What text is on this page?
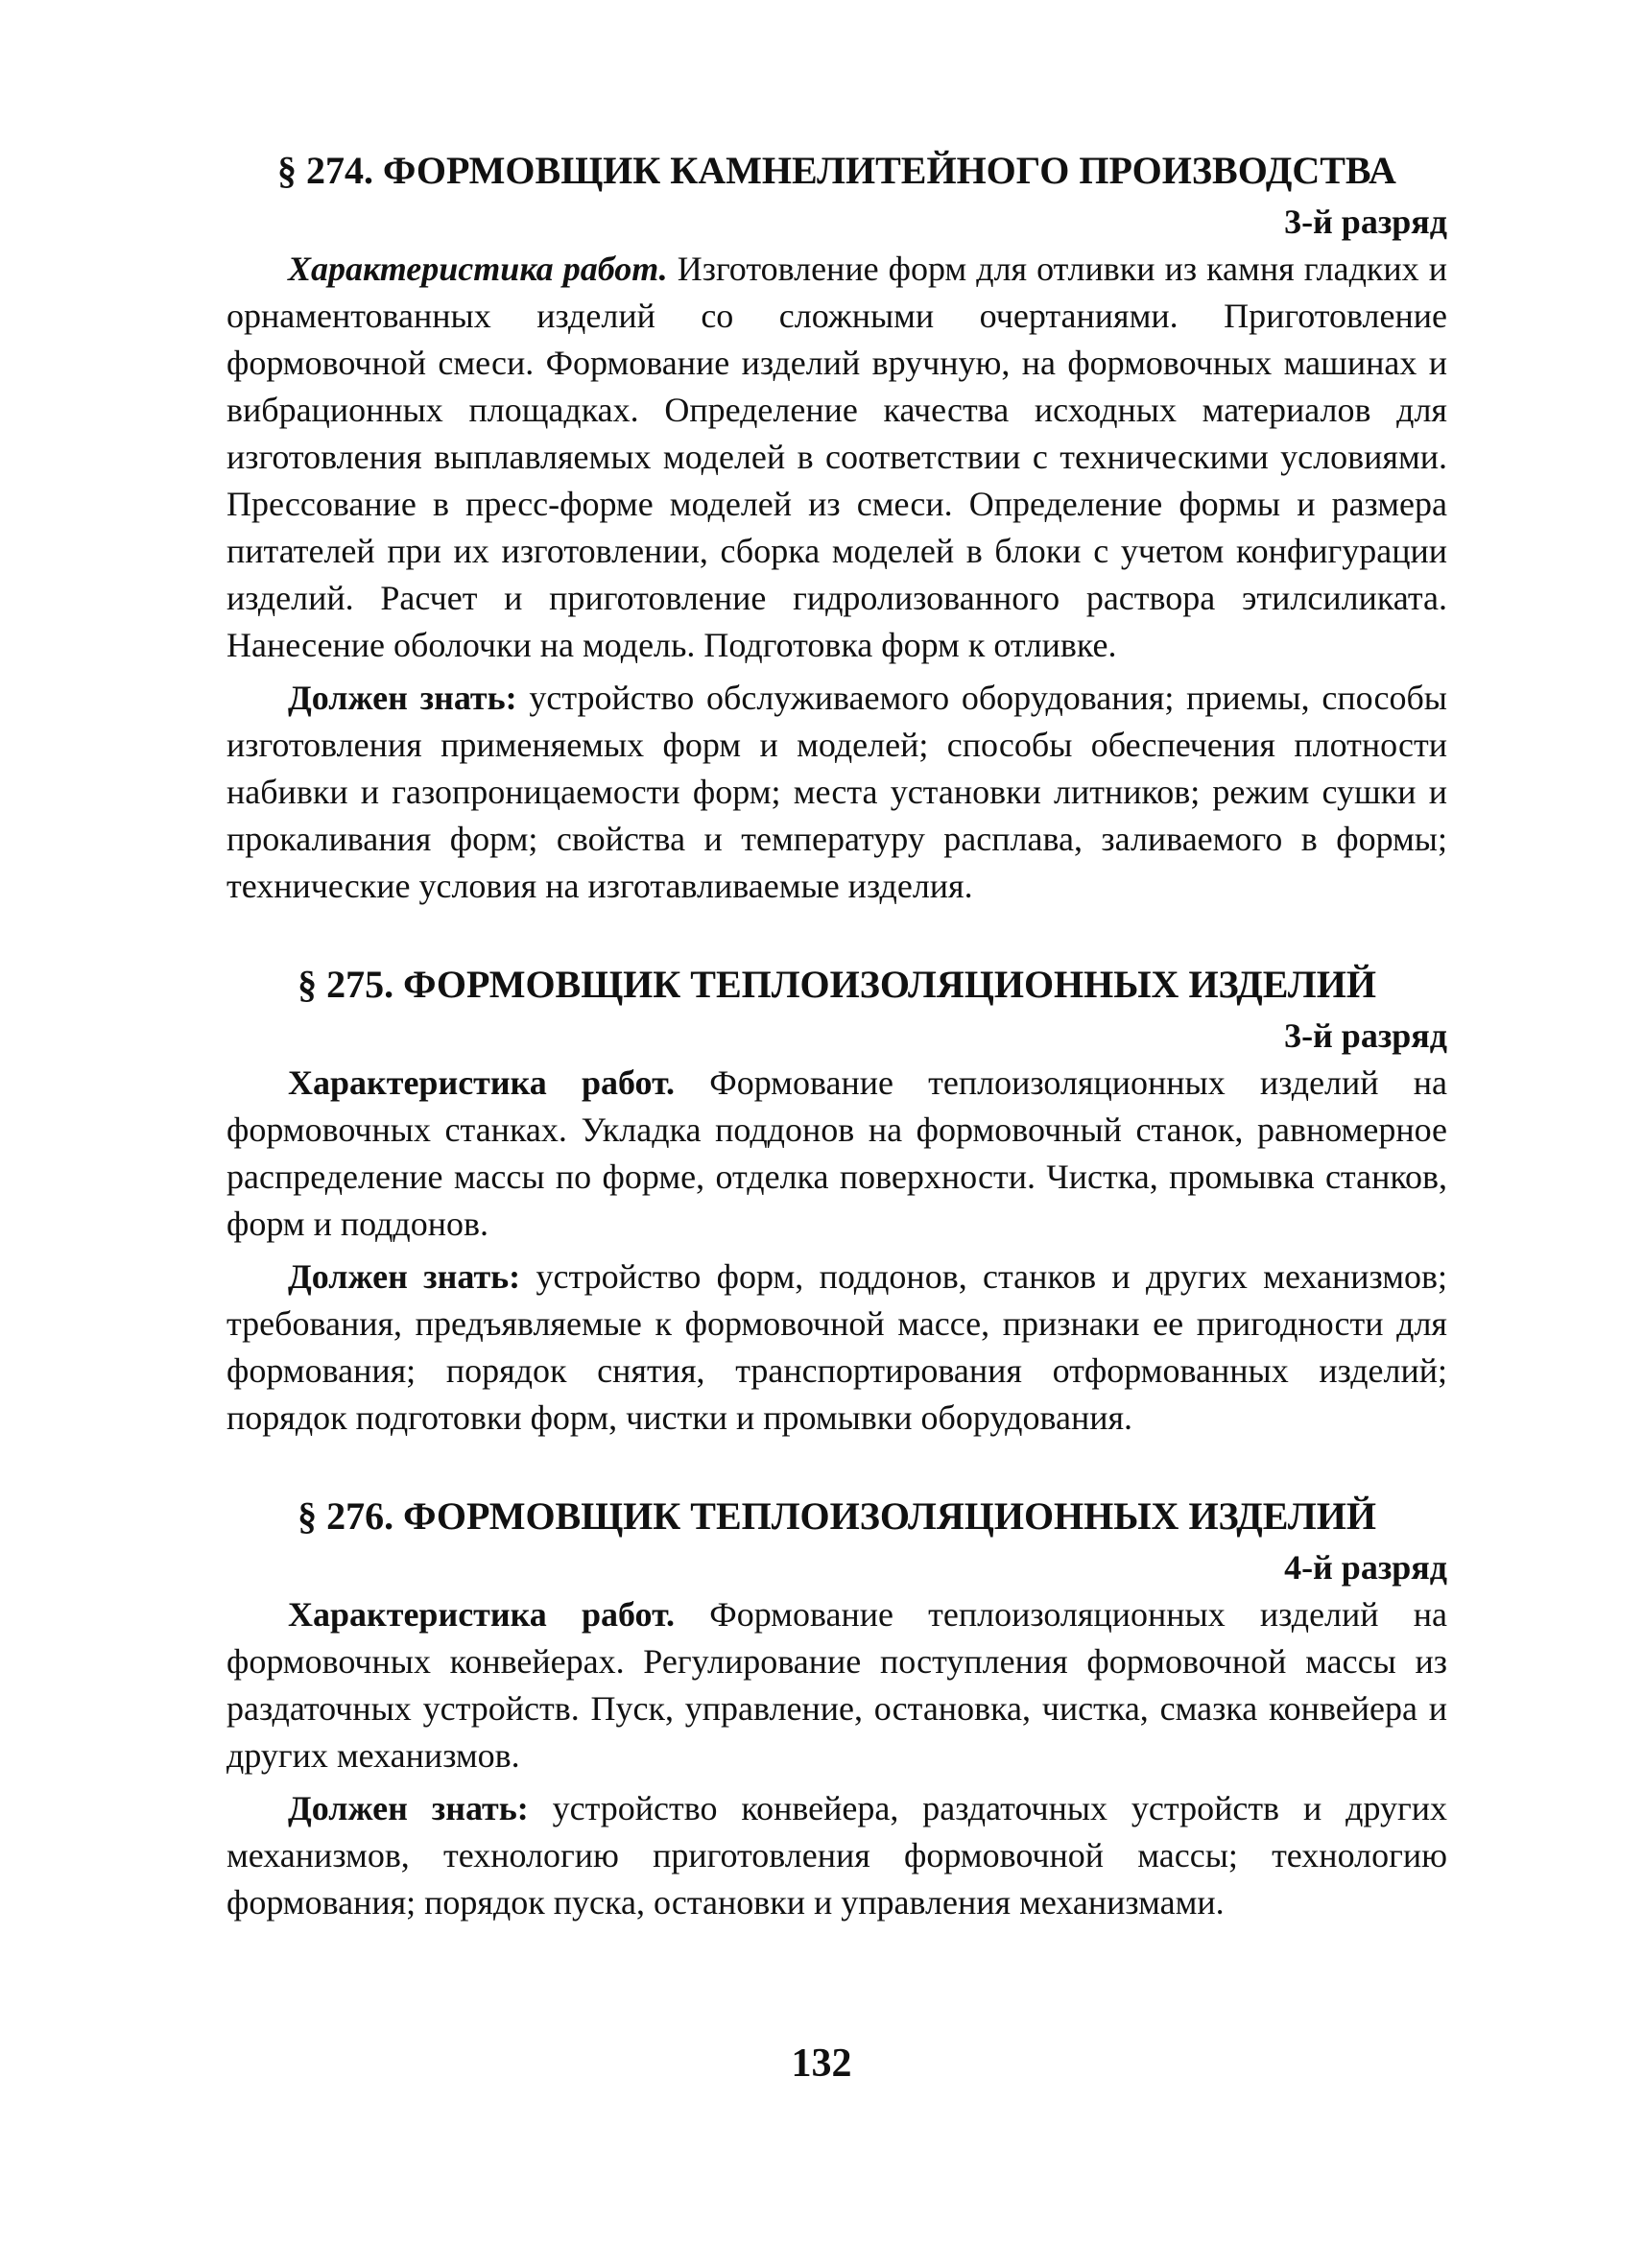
§ 274. ФОРМОВЩИК КАМНЕЛИТЕЙНОГО ПРОИЗВОДСТВА
3-й разряд

Характеристика работ. Изготовление форм для отливки из камня гладких и орнаментованных изделий со сложными очертаниями. Приготовление формовочной смеси. Формование изделий вручную, на формовочных машинах и вибрационных площадках. Определение качества исходных материалов для изготовления выплавляемых моделей в соответствии с техническими условиями. Прессование в пресс-форме моделей из смеси. Определение формы и размера питателей при их изготовлении, сборка моделей в блоки с учетом конфигурации изделий. Расчет и приготовление гидролизованного раствора этилсиликата. Нанесение оболочки на модель. Подготовка форм к отливке.

Должен знать: устройство обслуживаемого оборудования; приемы, способы изготовления применяемых форм и моделей; способы обеспечения плотности набивки и газопроницаемости форм; места установки литников; режим сушки и прокаливания форм; свойства и температуру расплава, заливаемого в формы; технические условия на изготавливаемые изделия.

§ 275. ФОРМОВЩИК ТЕПЛОИЗОЛЯЦИОННЫХ ИЗДЕЛИЙ
3-й разряд

Характеристика работ. Формование теплоизоляционных изделий на формовочных станках. Укладка поддонов на формовочный станок, равномерное распределение массы по форме, отделка поверхности. Чистка, промывка станков, форм и поддонов.

Должен знать: устройство форм, поддонов, станков и других механизмов; требования, предъявляемые к формовочной массе, признаки ее пригодности для формования; порядок снятия, транспортирования отформованных изделий; порядок подготовки форм, чистки и промывки оборудования.

§ 276. ФОРМОВЩИК ТЕПЛОИЗОЛЯЦИОННЫХ ИЗДЕЛИЙ
4-й разряд

Характеристика работ. Формование теплоизоляционных изделий на формовочных конвейерах. Регулирование поступления формовочной массы из раздаточных устройств. Пуск, управление, остановка, чистка, смазка конвейера и других механизмов.

Должен знать: устройство конвейера, раздаточных устройств и других механизмов, технологию приготовления формовочной массы; технологию формования; порядок пуска, остановки и управления механизмами.

132
